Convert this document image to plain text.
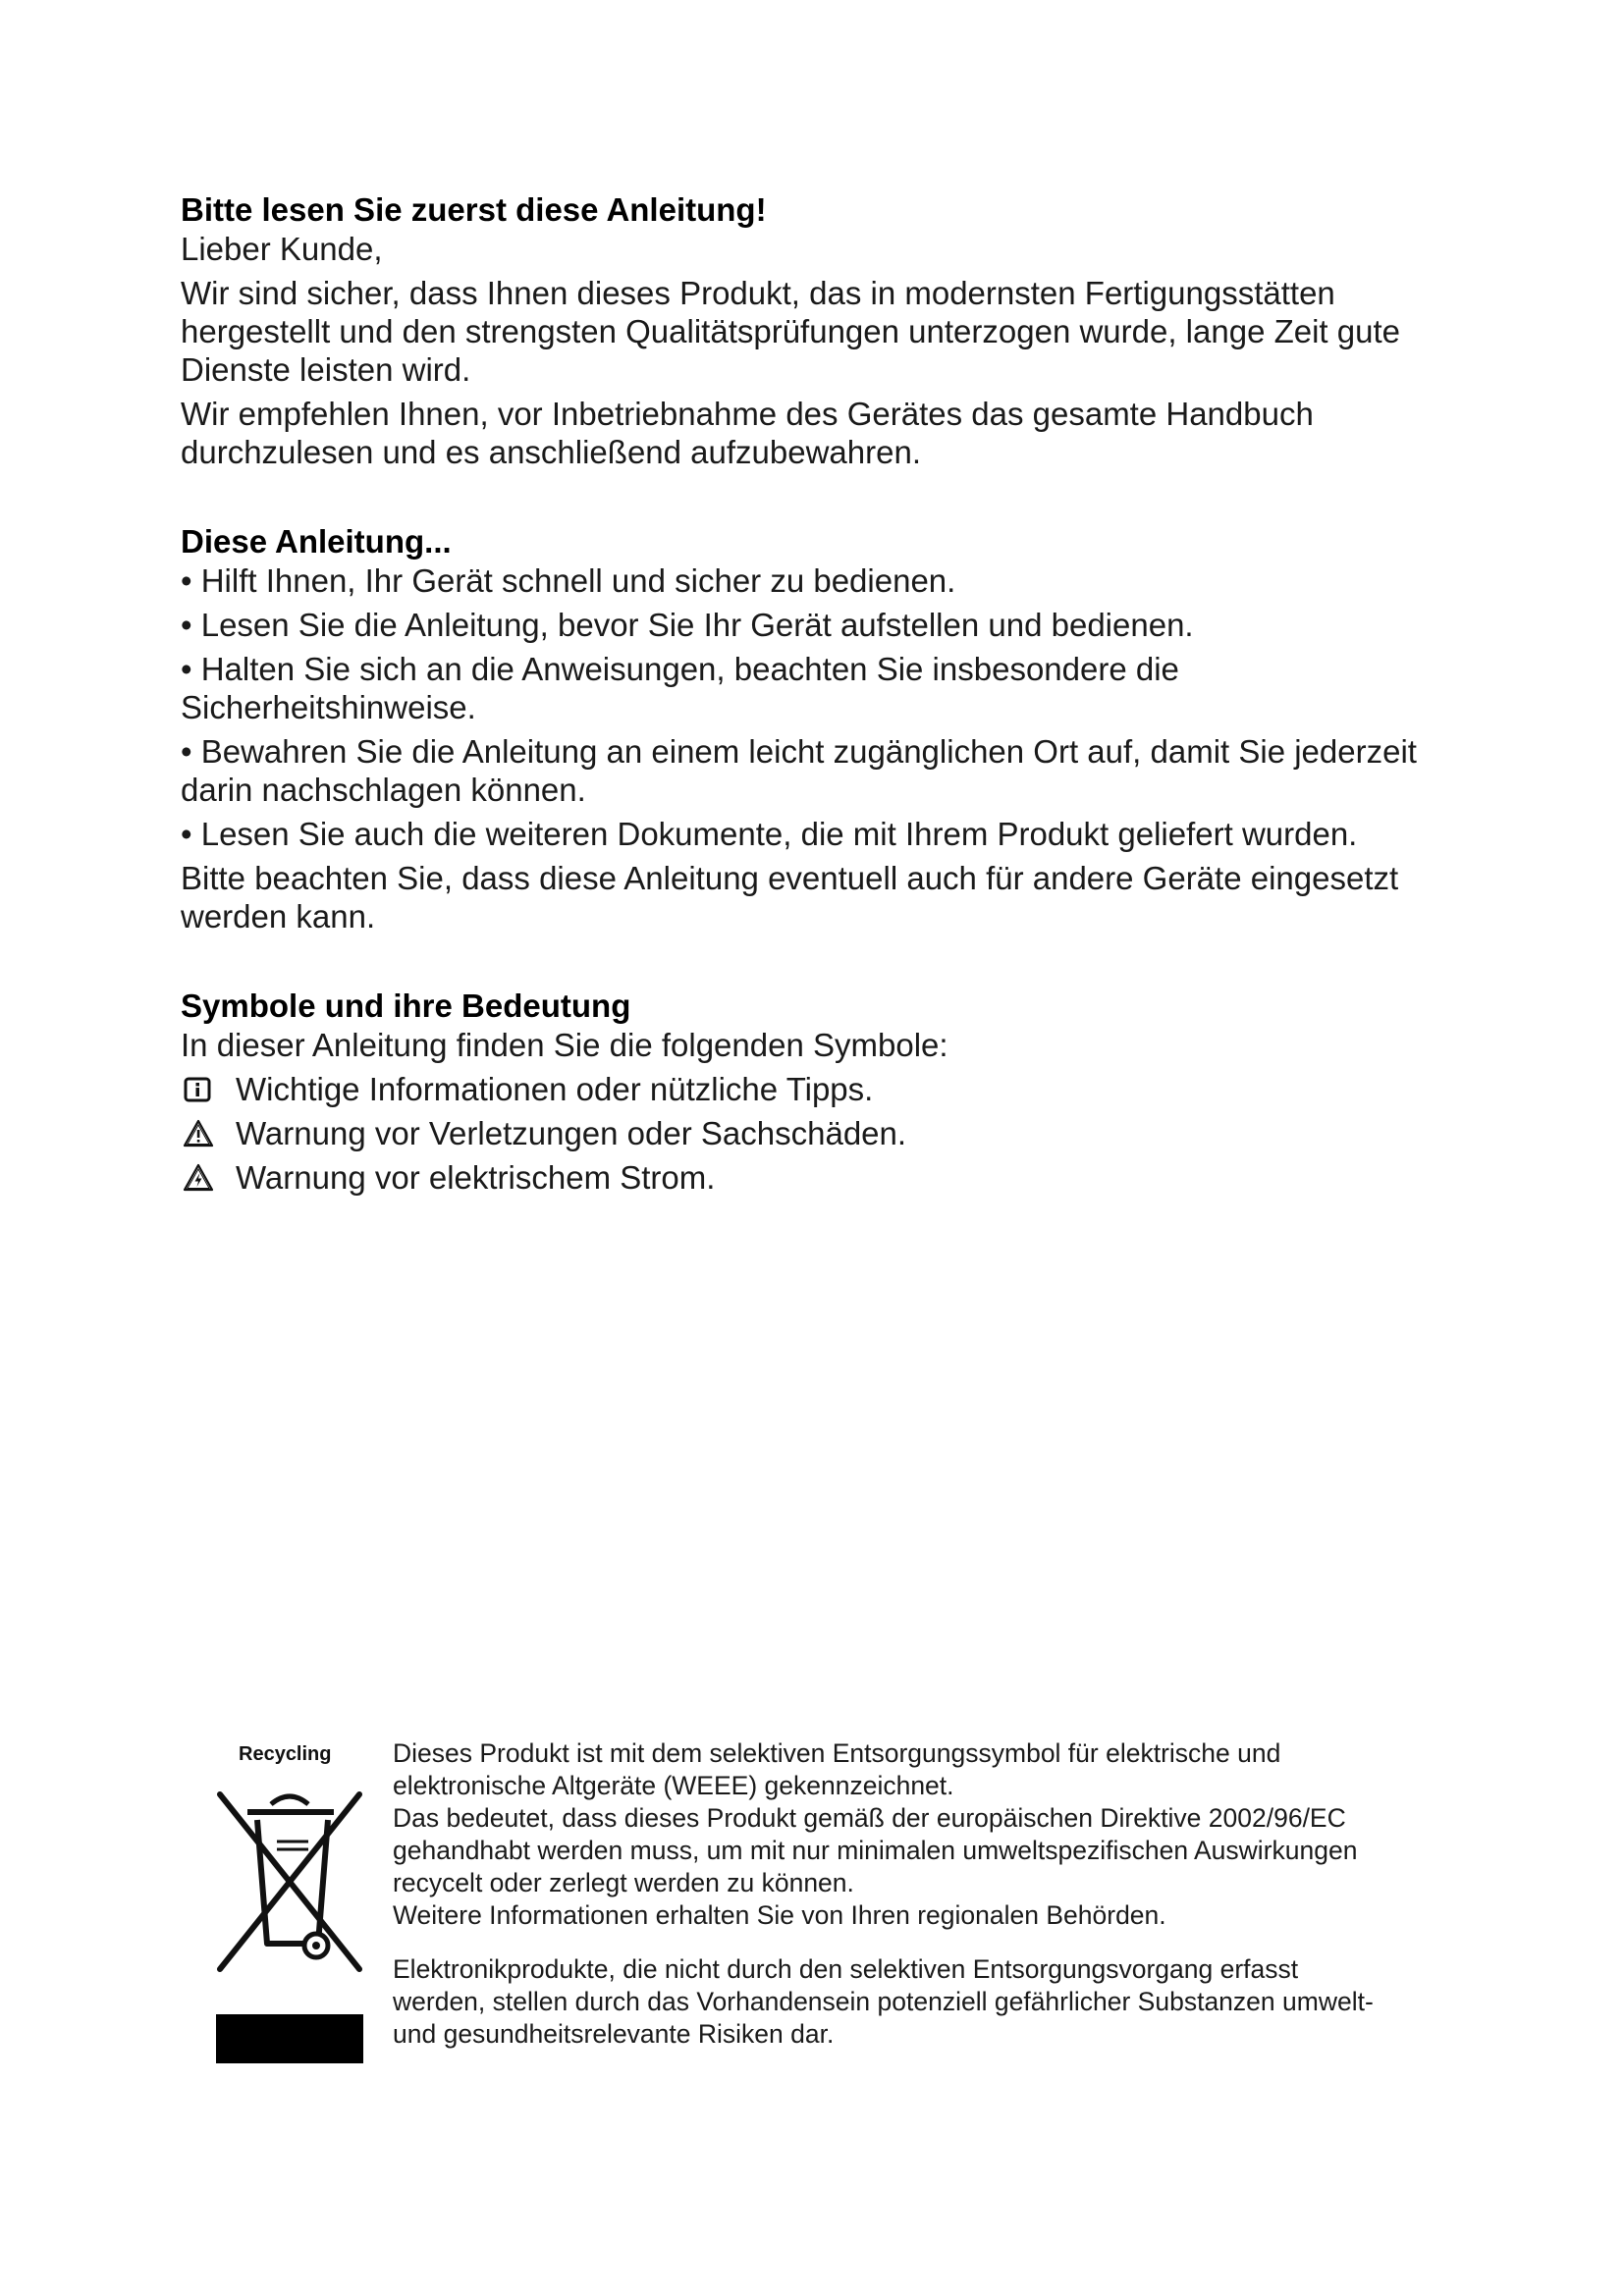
Bitte lesen Sie zuerst diese Anleitung!

Lieber Kunde,

Wir sind sicher, dass Ihnen dieses Produkt, das in modernsten Fertigungsstätten hergestellt und den strengsten Qualitätsprüfungen unterzogen wurde, lange Zeit gute Dienste leisten wird.

Wir empfehlen Ihnen, vor Inbetriebnahme des Gerätes das gesamte Handbuch durchzulesen und es anschließend aufzubewahren.

Diese Anleitung...

• Hilft Ihnen, Ihr Gerät schnell und sicher zu bedienen.

• Lesen Sie die Anleitung, bevor Sie Ihr Gerät aufstellen und bedienen.

• Halten Sie sich an die Anweisungen, beachten Sie insbesondere die Sicherheitshinweise.

• Bewahren Sie die Anleitung an einem leicht zugänglichen Ort auf, damit Sie jederzeit darin nachschlagen können.

• Lesen Sie auch die weiteren Dokumente, die mit Ihrem Produkt geliefert wurden.

Bitte beachten Sie, dass diese Anleitung eventuell auch für andere Geräte eingesetzt werden kann.

Symbole und ihre Bedeutung

In dieser Anleitung finden Sie die folgenden Symbole:

Wichtige Informationen oder nützliche Tipps.
Warnung vor Verletzungen oder Sachschäden.
Warnung vor elektrischem Strom.
Recycling Dieses Produkt ist mit dem selektiven Entsorgungssymbol für elektrische und elektronische Altgeräte (WEEE) gekennzeichnet.

Das bedeutet, dass dieses Produkt gemäß der europäischen Direktive 2002/96/EC gehandhabt werden muss, um mit nur minimalen umweltspezifischen Auswirkungen recycelt oder zerlegt werden zu können.

Weitere Informationen erhalten Sie von Ihren regionalen Behörden.

Elektronikprodukte, die nicht durch den selektiven Entsorgungsvorgang erfasst werden, stellen durch das Vorhandensein potenziell gefährlicher Substanzen umwelt- und gesundheitsrelevante Risiken dar.
